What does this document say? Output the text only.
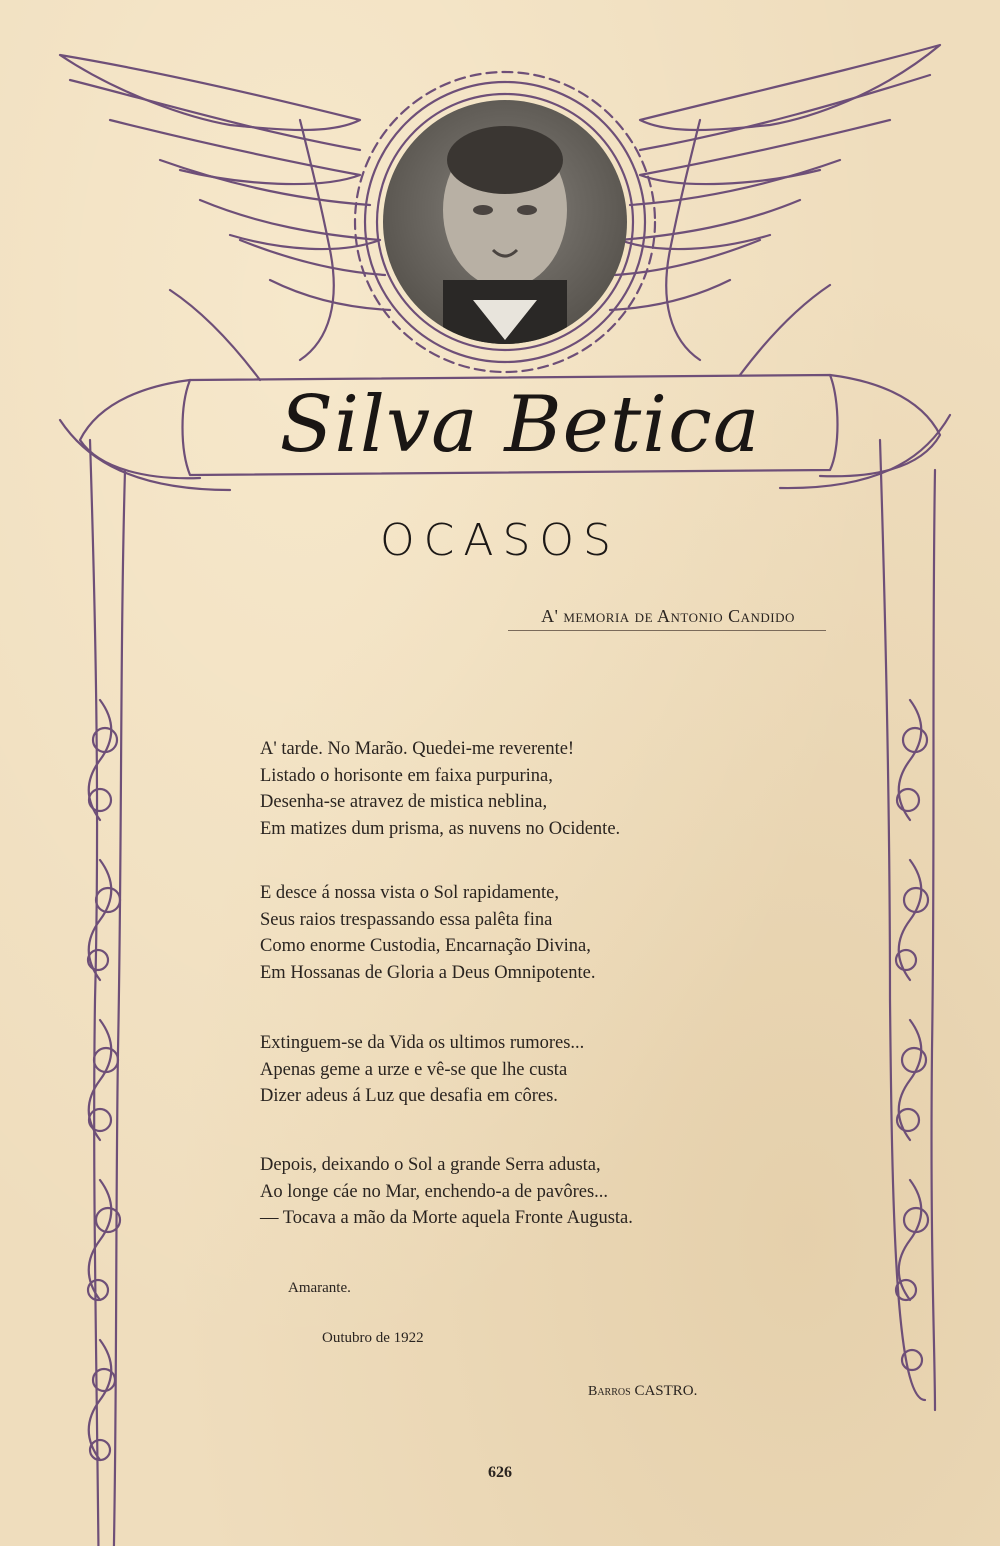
Silva Betica
OCASOS
A' memoria de Antonio Candido
A' tarde. No Marão. Quedei-me reverente!
Listado o horisonte em faixa purpurina,
Desenha-se atravez de mistica neblina,
Em matizes dum prisma, as nuvens no Ocidente.
E desce á nossa vista o Sol rapidamente,
Seus raios trespassando essa palêta fina
Como enorme Custodia, Encarnação Divina,
Em Hossanas de Gloria a Deus Omnipotente.
Extinguem-se da Vida os ultimos rumores...
Apenas geme a urze e vê-se que lhe custa
Dizer adeus á Luz que desafia em côres.
Depois, deixando o Sol a grande Serra adusta,
Ao longe cáe no Mar, enchendo-a de pavôres...
— Tocava a mão da Morte aquela Fronte Augusta.
Amarante.
Outubro de 1922
Barros CASTRO.
626
